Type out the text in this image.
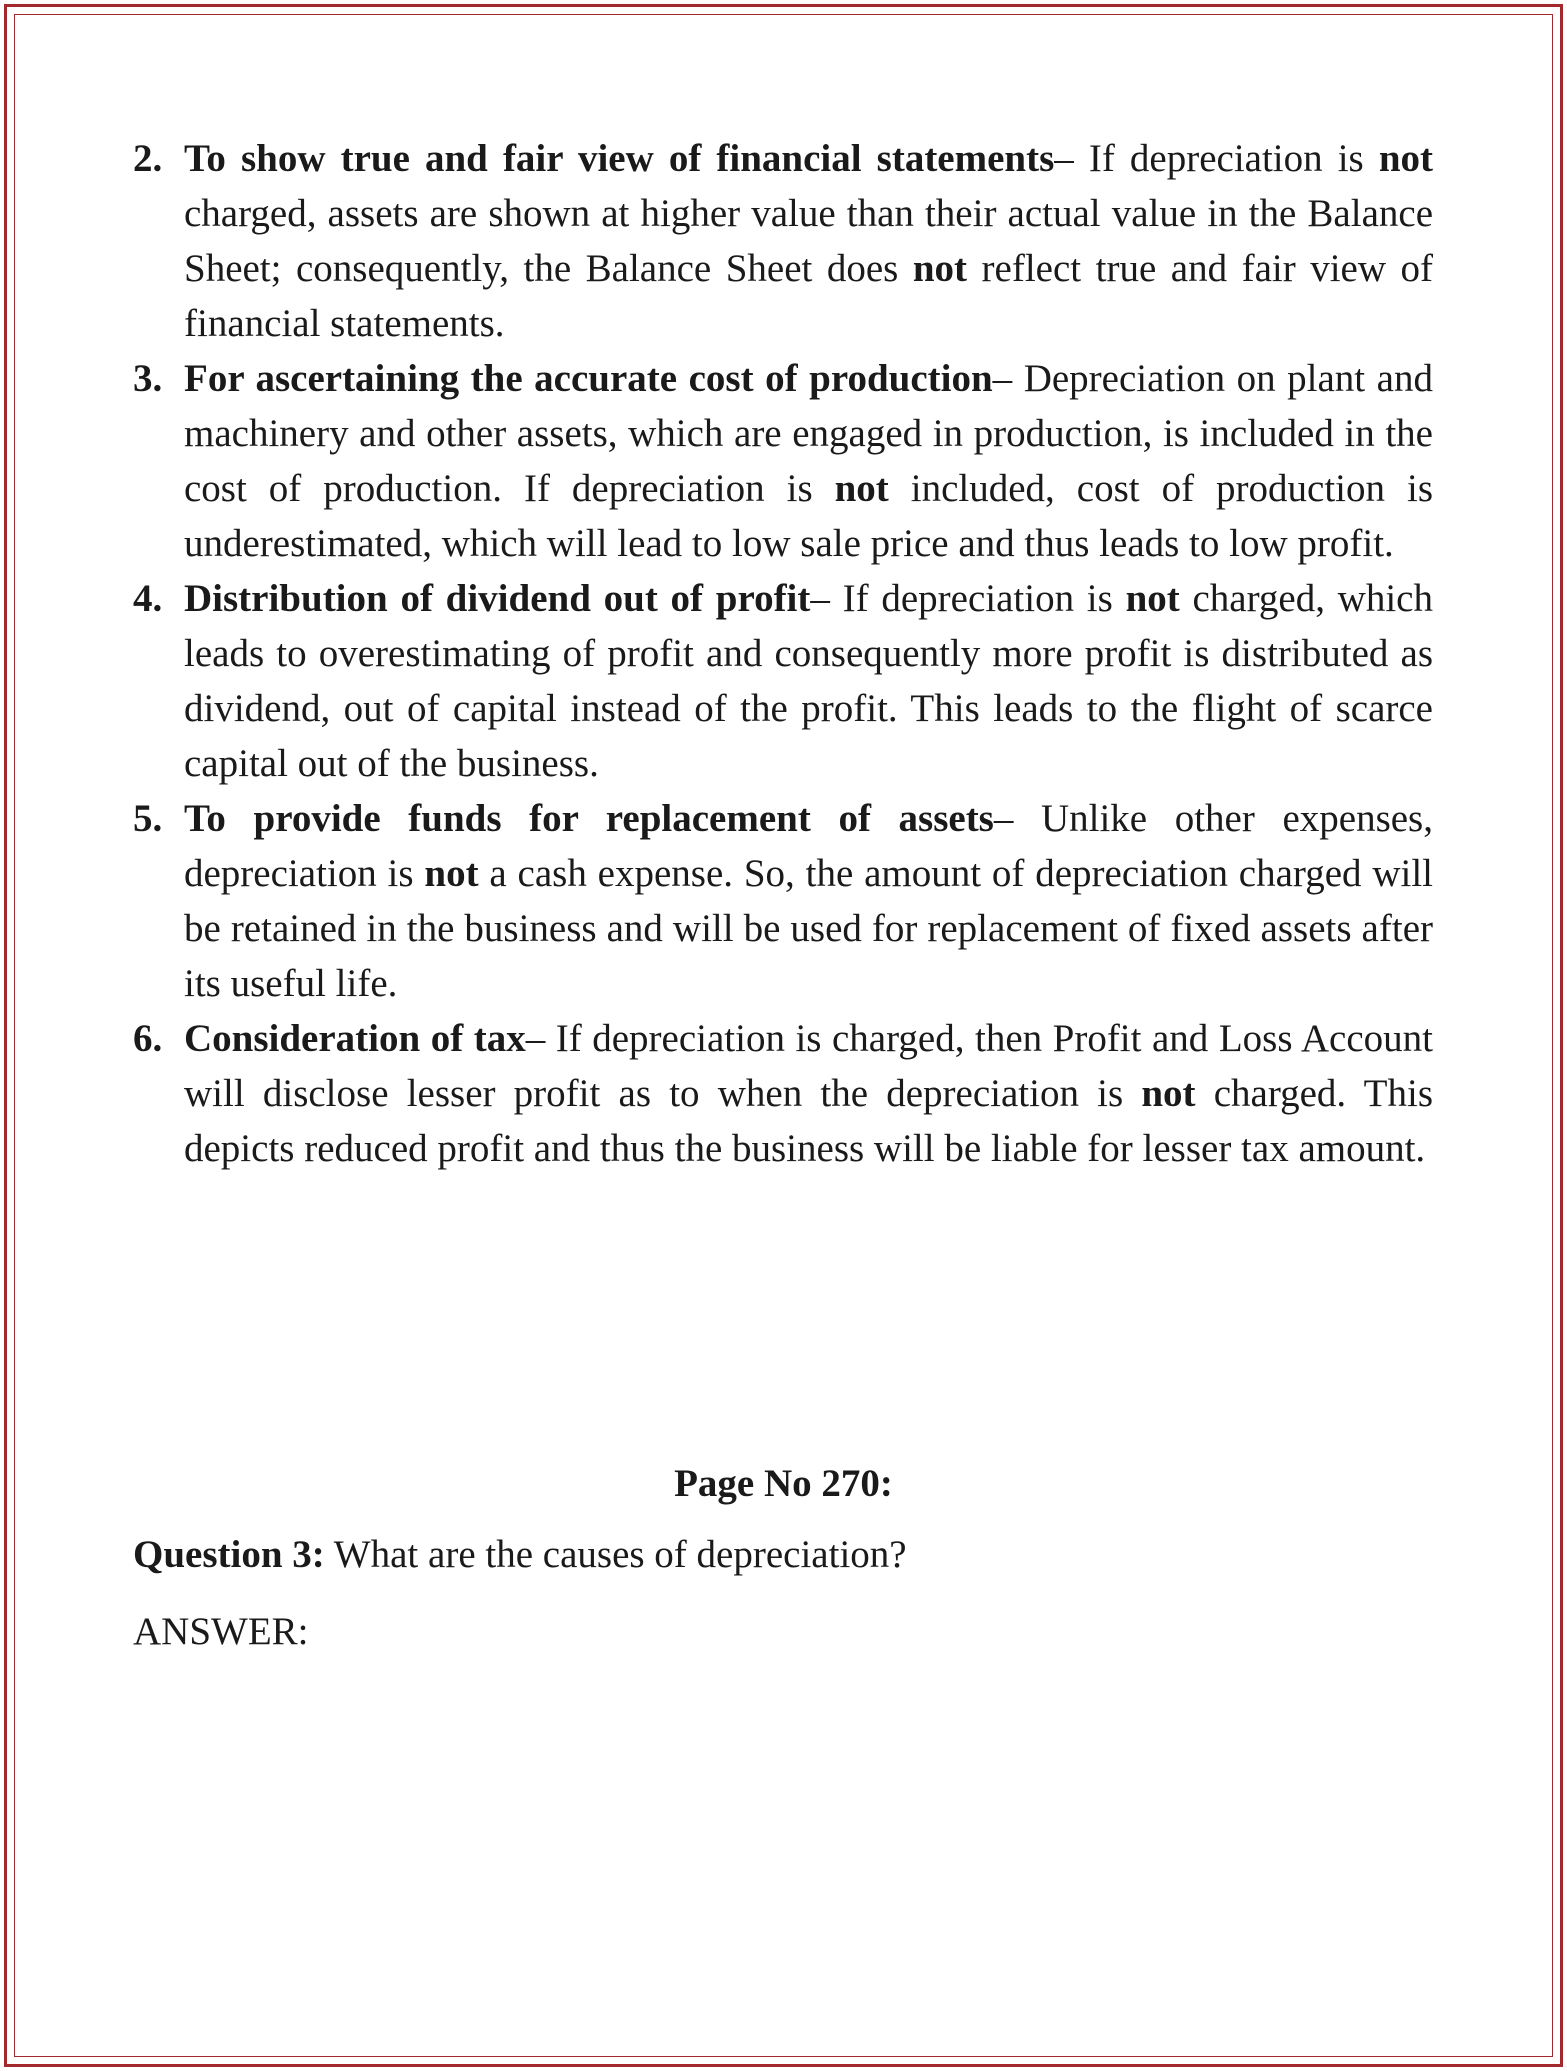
2. To show true and fair view of financial statements– If depreciation is not charged, assets are shown at higher value than their actual value in the Balance Sheet; consequently, the Balance Sheet does not reflect true and fair view of financial statements.
3. For ascertaining the accurate cost of production– Depreciation on plant and machinery and other assets, which are engaged in production, is included in the cost of production. If depreciation is not included, cost of production is underestimated, which will lead to low sale price and thus leads to low profit.
4. Distribution of dividend out of profit– If depreciation is not charged, which leads to overestimating of profit and consequently more profit is distributed as dividend, out of capital instead of the profit. This leads to the flight of scarce capital out of the business.
5. To provide funds for replacement of assets– Unlike other expenses, depreciation is not a cash expense. So, the amount of depreciation charged will be retained in the business and will be used for replacement of fixed assets after its useful life.
6. Consideration of tax– If depreciation is charged, then Profit and Loss Account will disclose lesser profit as to when the depreciation is not charged. This depicts reduced profit and thus the business will be liable for lesser tax amount.
Page No 270:
Question 3: What are the causes of depreciation?
ANSWER:
